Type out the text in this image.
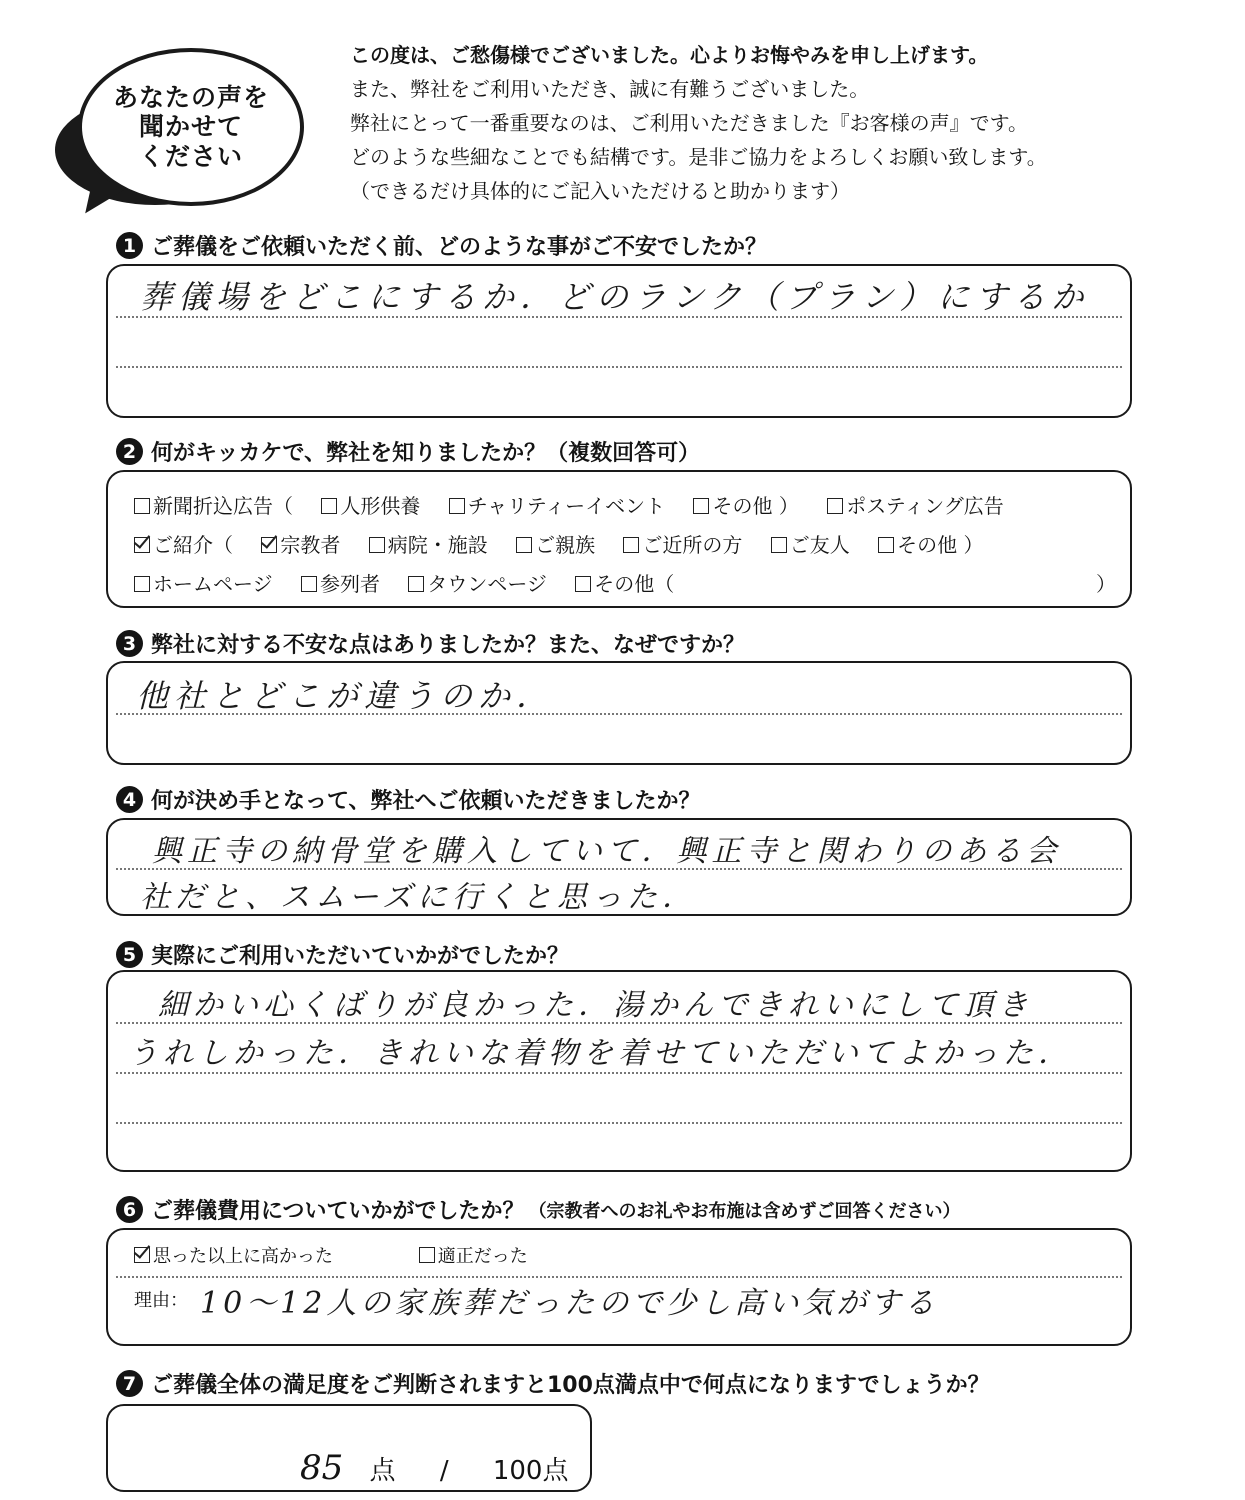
あなたの声を
聞かせて
ください
この度は、ご愁傷様でございました。心よりお悔やみを申し上げます。
また、弊社をご利用いただき、誠に有難うございました。
弊社にとって一番重要なのは、ご利用いただきました『お客様の声』です。
どのような些細なことでも結構です。是非ご協力をよろしくお願い致します。
（できるだけ具体的にご記入いただけると助かります）
1 ご葬儀をご依頼いただく前、どのような事がご不安でしたか？
葬儀場をどこにするか．どのランク（プラン）にするか
2 何がキッカケで、弊社を知りましたか？（複数回答可）
新聞折込広告（ 人形供養 チャリティーイベント その他 ） ポスティング広告
ご紹介（ 宗教者 病院・施設 ご親族 ご近所の方 ご友人 その他 ）
ホームページ 参列者 タウンページ その他（	）
3 弊社に対する不安な点はありましたか？また、なぜですか？
他社とどこが違うのか．
4 何が決め手となって、弊社へご依頼いただきましたか？
興正寺の納骨堂を購入していて．興正寺と関わりのある会
社だと、スムーズに行くと思った．
5 実際にご利用いただいていかがでしたか？
細かい心くばりが良かった．湯かんできれいにして頂き
うれしかった．きれいな着物を着せていただいてよかった．
6 ご葬儀費用についていかがでしたか？ （宗教者へのお礼やお布施は含めずご回答ください）
思った以上に高かった	適正だった
理由： 10～12人の家族葬だったので少し高い気がする
7 ご葬儀全体の満足度をご判断されますと100点満点中で何点になりますでしょうか？
85 点 / 100点
